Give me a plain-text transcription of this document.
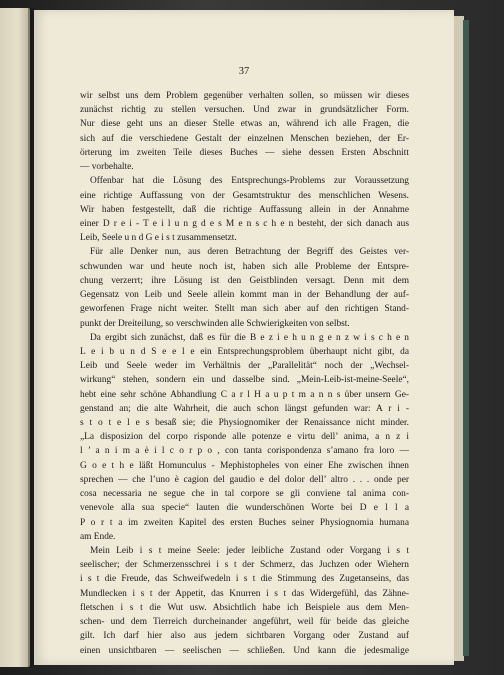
37
wir selbst uns dem Problem gegenüber verhalten sollen, so müssen wir dieses
zunächst richtig zu stellen versuchen. Und zwar in grundsätzlicher Form.
Nur diese geht uns an dieser Stelle etwas an, während ich alle Fragen, die
sich auf die verschiedene Gestalt der einzelnen Menschen beziehen, der Er-
örterung im zweiten Teile dieses Buches — siehe dessen Ersten Abschnitt
— vorbehalte.
Offenbar hat die Lösung des Entsprechungs-Problems zur Voraussetzung
eine richtige Auffassung von der Gesamtstruktur des menschlichen Wesens.
Wir haben festgestellt, daß die richtige Auffassung allein in der Annahme
einer D r e i - T e i l u n g d e s M e n s c h e n besteht, der sich danach aus
Leib, Seele u n d G e i s t zusammensetzt.
Für alle Denker nun, aus deren Betrachtung der Begriff des Geistes ver-
schwunden war und heute noch ist, haben sich alle Probleme der Entspre-
chung verzerrt; ihre Lösung ist den Geistblinden versagt. Denn mit dem
Gegensatz von Leib und Seele allein kommt man in der Behandlung der auf-
geworfenen Frage nicht weiter. Stellt man sich aber auf den richtigen Stand-
punkt der Dreiteilung, so verschwinden alle Schwierigkeiten von selbst.
Da ergibt sich zunächst, daß es für die B e z i e h u n g e n z w i s c h e n
L e i b u n d S e e l e ein Entsprechungsproblem überhaupt nicht gibt, da
Leib und Seele weder im Verhältnis der „Parallelität“ noch der „Wechsel-
wirkung“ stehen, sondern ein und dasselbe sind. „Mein-Leib-ist-meine-Seele“,
hebt eine sehr schöne Abhandlung C a r l H a u p t m a n n s über unsern Ge-
genstand an; die alte Wahrheit, die auch schon längst gefunden war: A r i -
s t o t e l e s besaß sie; die Physiognomiker der Renaissance nicht minder.
„La disposizion del corpo risponde alle potenze e virtu dell’ anima, a n z i
l ’ a n i m a è i l c o r p o , con tanta corispondenza s’amano fra loro —
G o e t h e läßt Homunculus - Mephistopheles von einer Ehe zwischen ihnen
sprechen — che l’uno è cagion del gaudio e del dolor dell’ altro . . . onde per
cosa necessaria ne segue che in tal corpore se gli conviene tal anima con-
venevole alla sua specie“ lauten die wunderschönen Worte bei D e l l a
P o r t a im zweiten Kapitel des ersten Buches seiner Physiognomia humana
am Ende.
Mein Leib i s t meine Seele: jeder leibliche Zustand oder Vorgang i s t
seelischer; der Schmerzensschrei i s t der Schmerz, das Juchzen oder Wiehern
i s t die Freude, das Schweifwedeln i s t die Stimmung des Zugetanseins, das
Mundlecken i s t der Appetit, das Knurren i s t das Widergefühl, das Zähne-
fletschen i s t die Wut usw. Absichtlich habe ich Beispiele aus dem Men-
schen- und dem Tierreich durcheinander angeführt, weil für beide das gleiche
gilt. Ich darf hier also aus jedem sichtbaren Vorgang oder Zustand auf
einen unsichtbaren — seelischen — schließen. Und kann die jedesmalige
